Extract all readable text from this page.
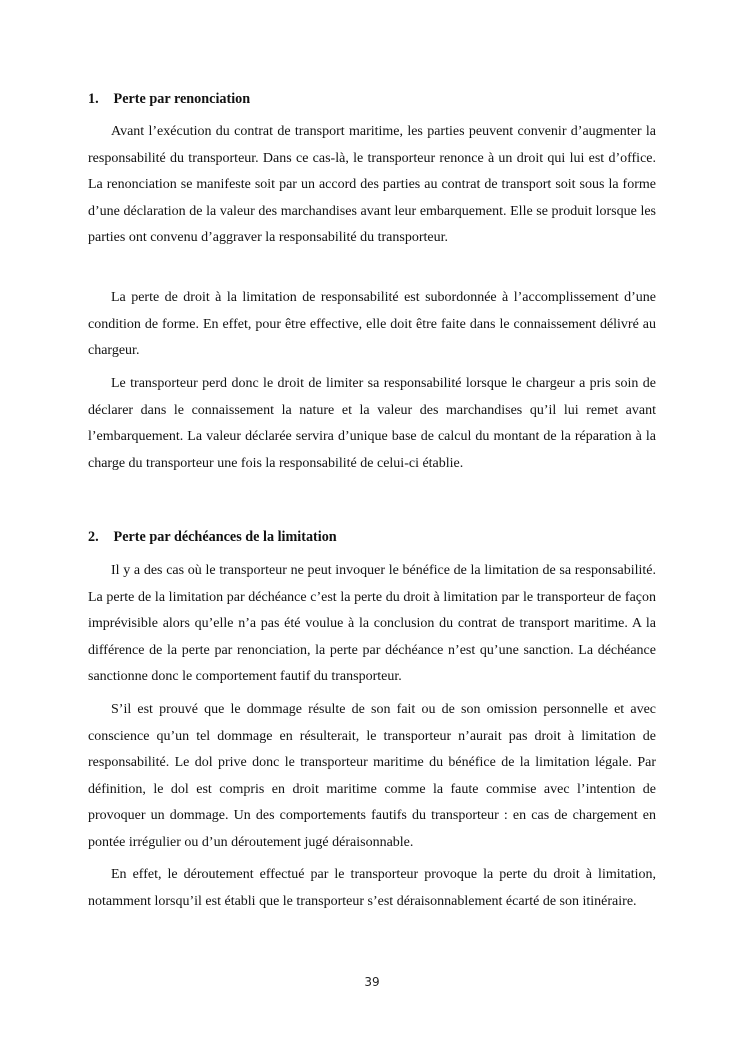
1. Perte par renonciation

Avant l’exécution du contrat de transport maritime, les parties peuvent convenir d’augmenter la responsabilité du transporteur. Dans ce cas-là, le transporteur renonce à un droit qui lui est d’office. La renonciation se manifeste soit par un accord des parties au contrat de transport soit sous la forme d’une déclaration de la valeur des marchandises avant leur embarquement. Elle se produit lorsque les parties ont convenu d’aggraver la responsabilité du transporteur.

La perte de droit à la limitation de responsabilité est subordonnée à l’accomplissement d’une condition de forme. En effet, pour être effective, elle doit être faite dans le connaissement délivré au chargeur.

Le transporteur perd donc le droit de limiter sa responsabilité lorsque le chargeur a pris soin de déclarer dans le connaissement la nature et la valeur des marchandises qu’il lui remet avant l’embarquement. La valeur déclarée servira d’unique base de calcul du montant de la réparation à la charge du transporteur une fois la responsabilité de celui-ci établie.

Il y a des cas où le transporteur ne peut invoquer le bénéfice de la limitation de sa responsabilité. La perte de la limitation par déchéance c’est la perte du droit à limitation par le transporteur de façon imprévisible alors qu’elle n’a pas été voulue à la conclusion du contrat de transport maritime. A la différence de la perte par renonciation, la perte par déchéance n’est qu’une sanction. La déchéance sanctionne donc le comportement fautif du transporteur.

S’il est prouvé que le dommage résulte de son fait ou de son omission personnelle et avec conscience qu’un tel dommage en résulterait, le transporteur n’aurait pas droit à limitation de responsabilité. Le dol prive donc le transporteur maritime du bénéfice de la limitation légale. Par définition, le dol est compris en droit maritime comme la faute commise avec l’intention de provoquer un dommage. Un des comportements fautifs du transporteur : en cas de chargement en pontée irrégulier ou d’un déroutement jugé déraisonnable.

En effet, le déroutement effectué par le transporteur provoque la perte du droit à limitation, notamment lorsqu’il est établi que le transporteur s’est déraisonnablement écarté de son itinéraire.

2. Perte par déchéances de la limitation
39
